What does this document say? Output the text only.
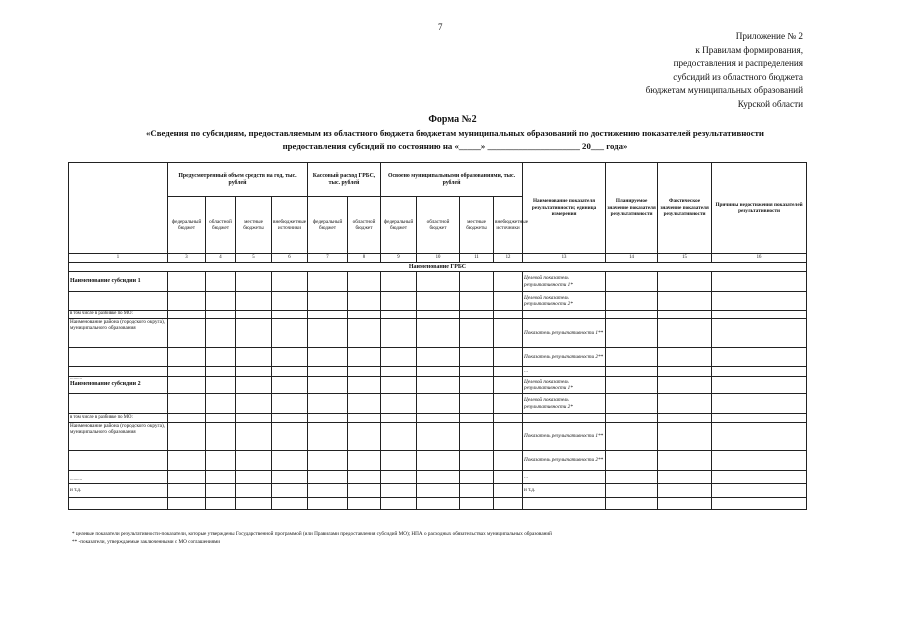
7
Приложение № 2
к Правилам формирования,
предоставления и распределения
субсидий из областного бюджета
бюджетам муниципальных образований
Курской области
Форма №2
«Сведения по субсидиям, предоставляемым из областного бюджета бюджетам муниципальных образований по достижению показателей результативности
предоставления субсидий по состоянию на «_____» _____________________ 20___ года»
	Предусмотренный объем средств на год, тыс. рублей				Кассовый расход ГРБС, тыс. рублей		Освоено муниципальными образованиями, тыс. рублей				Наименование показателя результативности; единица измерения	Планируемое значение показателя результативности	Фактическое значение показателя результативности	Причины недостижения показателей результативности
	федеральный бюджет	областной бюджет	местные бюджеты	внебюджетные источники	федеральный бюджет	областной бюджет	федеральный бюджет	областной бюджет	местные бюджеты	внебюджетные источники				
1	3	4	5	6	7	8	9	10	11	12	13	14	15	16
Наименование ГРБС														
Наименование субсидии 1											Целевой показатель результативности 1*			
											Целевой показатель результативности 2*			
в том числе в разбивке по МО:														
Наименование района (городского округа), муниципального образования											Показатель результативности 1**			
											Показатель результативности 2**			
											...			

..........
Наименование субсидии 2											Целевой показатель результативности 1*			
											Целевой показатель результативности 2*			
в том числе в разбивке по МО:														
Наименование района (городского округа), муниципального образования											Показатель результативности 1**			
											Показатель результативности 2**			
..........											...			
и т.д.											и т.д.			

* целевые показатели результативности-показатели, которые утверждены Государственной программой (или Правилами предоставления субсидий МО); НПА о расходных обязательствах муниципальных образований
** -показатели, утверждаемые заключенными с МО соглашениями
